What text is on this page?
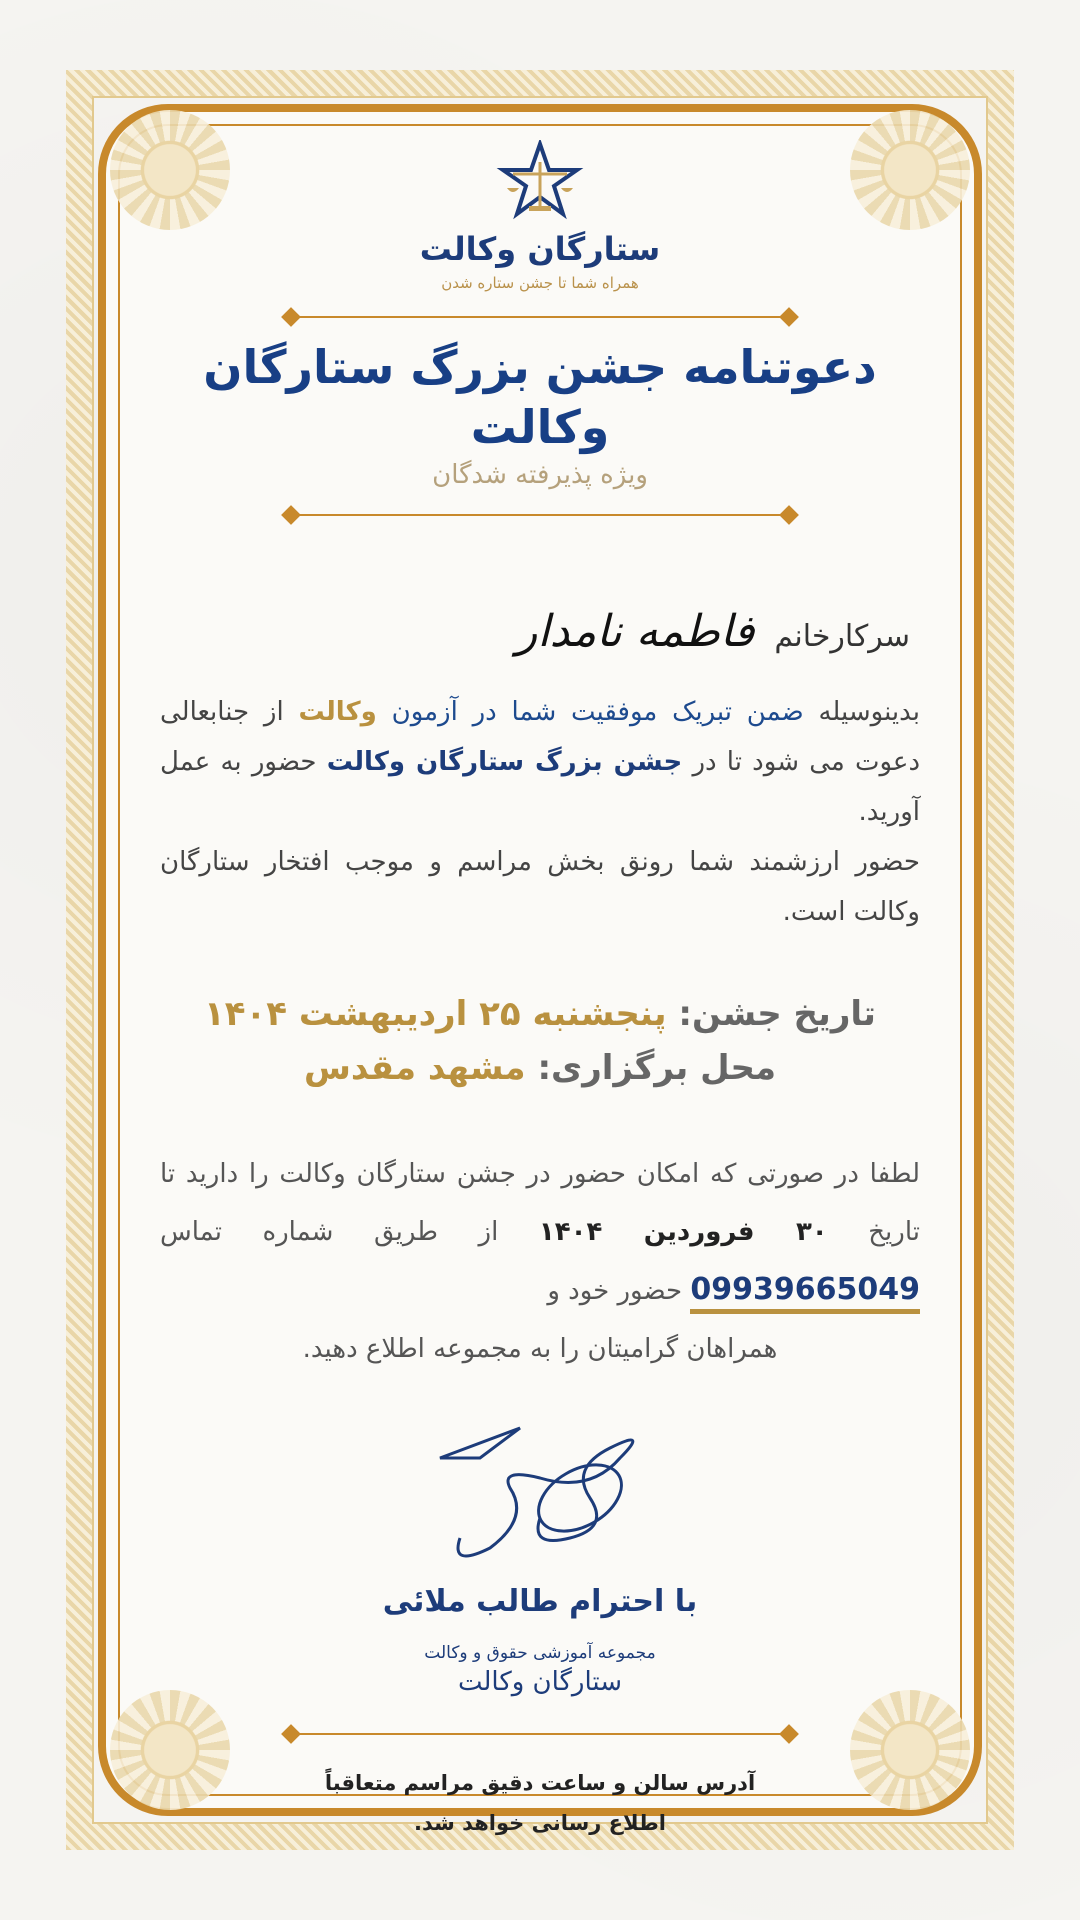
ستارگان وکالت
همراه شما تا جشن ستاره شدن
دعوتنامه جشن بزرگ ستارگان وکالت
ویژه پذیرفته شدگان
سرکارخانم
فاطمه نامدار

بدینوسیله ضمن تبریک موفقیت شما در آزمون وکالت از جنابعالی دعوت می شود تا در جشن بزرگ ستارگان وکالت حضور به عمل آورید.

حضور ارزشمند شما رونق بخش مراسم و موجب افتخار ستارگان وکالت است.

تاریخ جشن: پنجشنبه ۲۵ اردیبهشت ۱۴۰۴
محل برگزاری: مشهد مقدس

لطفا در صورتی که امکان حضور در جشن ستارگان وکالت را دارید تا تاریخ ۳۰ فروردین ۱۴۰۴ از طریق شماره تماس 09939665049 حضور خود و
همراهان گرامیتان را به مجموعه اطلاع دهید.

با احترام طالب ملائی
مجموعه آموزشی حقوق و وکالت
ستارگان وکالت
آدرس سالن و ساعت دقیق مراسم متعاقباً
اطلاع رسانی خواهد شد.
